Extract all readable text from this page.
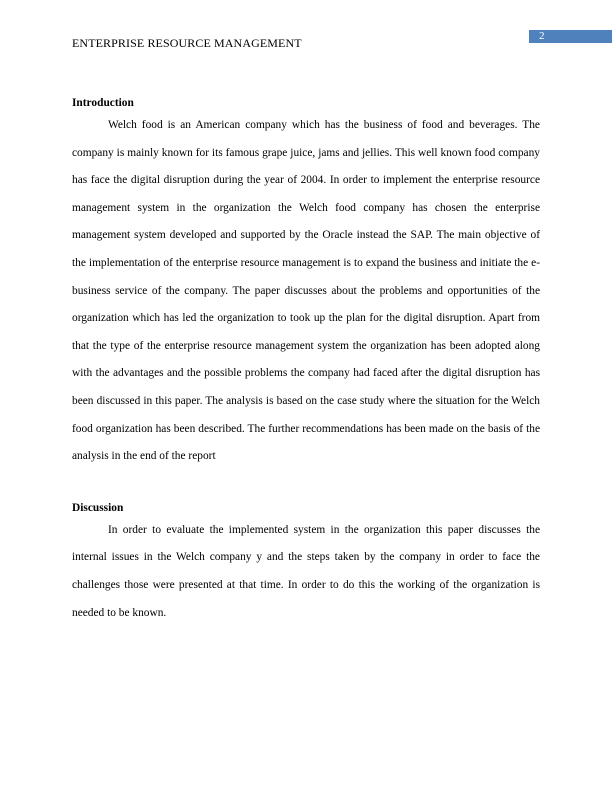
ENTERPRISE RESOURCE MANAGEMENT	2
Introduction

Welch food is an American company which has the business of food and beverages. The company is mainly known for its famous grape juice, jams and jellies. This well known food company has face the digital disruption during the year of 2004. In order to implement the enterprise resource management system in the organization the Welch food company has chosen the enterprise management system developed and supported by the Oracle instead the SAP. The main objective of the implementation of the enterprise resource management is to expand the business and initiate the e-business service of the company. The paper discusses about the problems and opportunities of the organization which has led the organization to took up the plan for the digital disruption. Apart from that the type of the enterprise resource management system the organization has been adopted along with the advantages and the possible problems the company had faced after the digital disruption has been discussed in this paper. The analysis is based on the case study where the situation for the Welch food organization has been described. The further recommendations has been made on the basis of the analysis in the end of the report

Discussion

In order to evaluate the implemented system in the organization this paper discusses the internal issues in the Welch company y and the steps taken by the company in order to face the challenges those were presented at that time. In order to do this the working of the organization is needed to be known.
